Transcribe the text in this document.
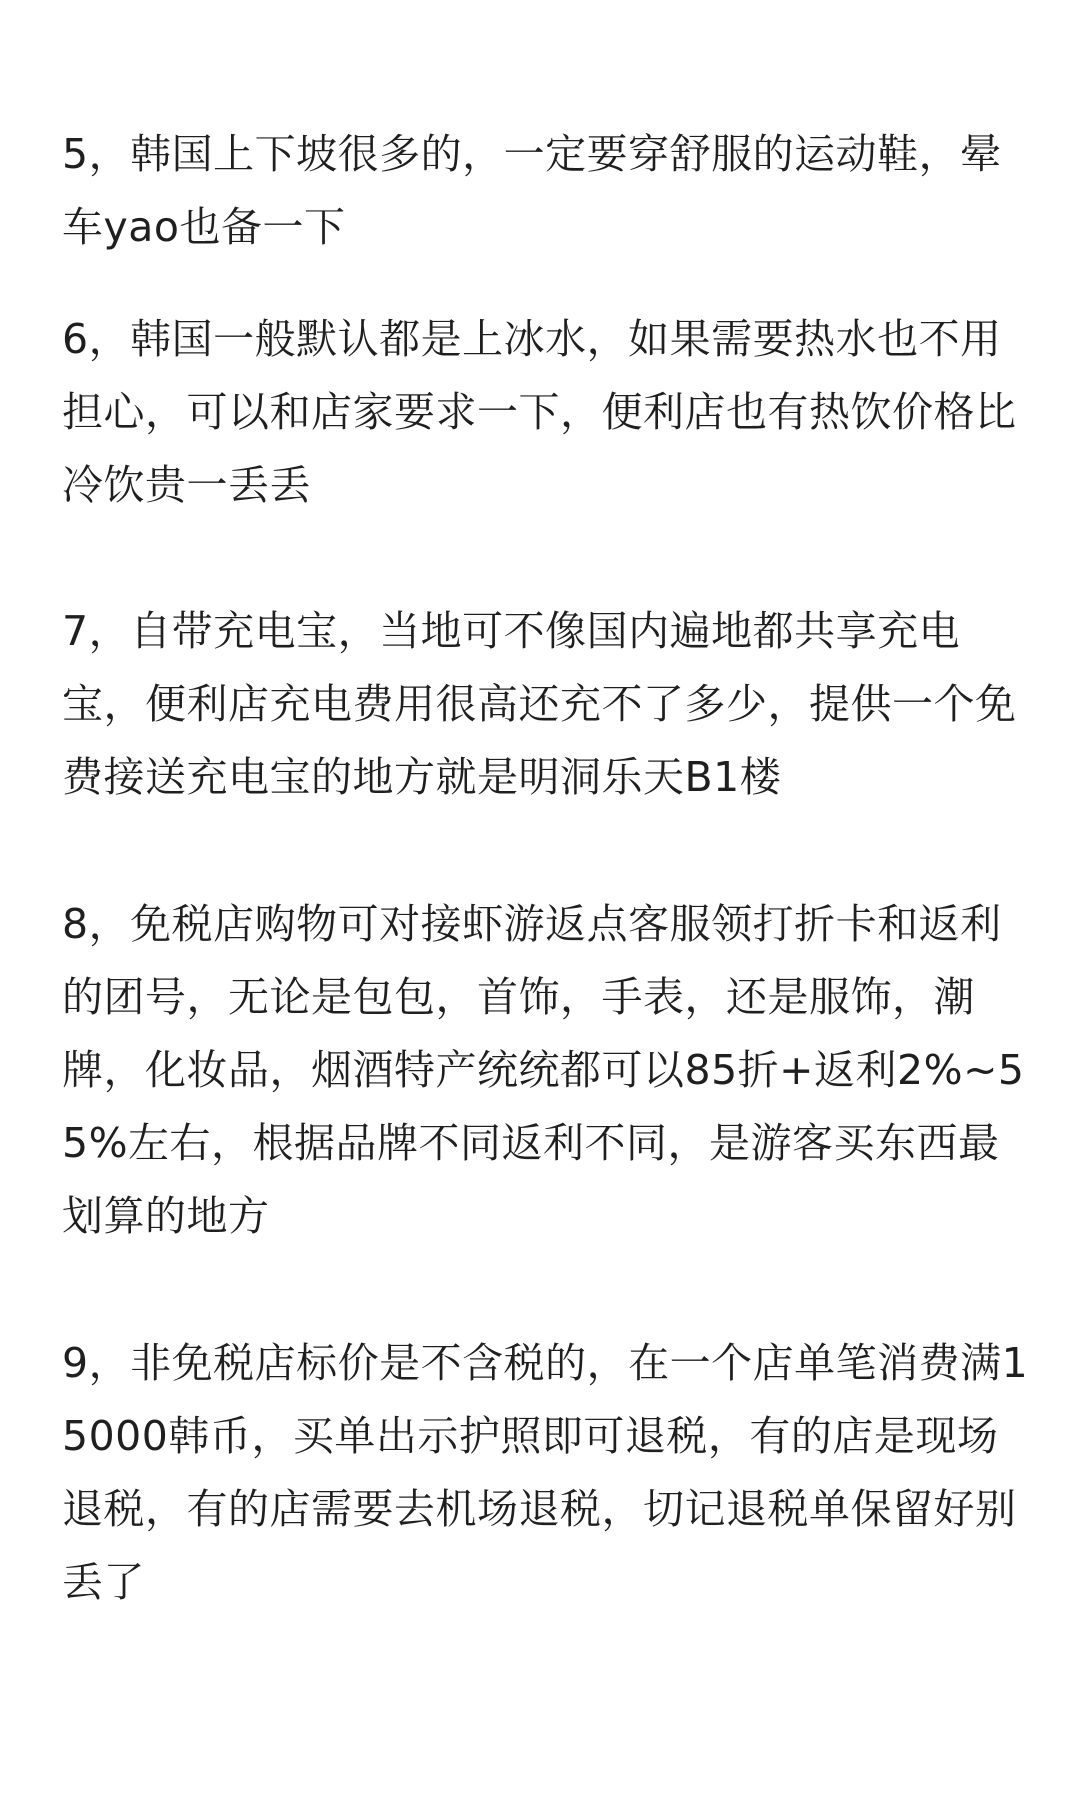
5，韩国上下坡很多的，一定要穿舒服的运动鞋，晕车yao也备一下

6，韩国一般默认都是上冰水，如果需要热水也不用担心，可以和店家要求一下，便利店也有热饮价格比冷饮贵一丢丢

7，自带充电宝，当地可不像国内遍地都共享充电宝，便利店充电费用很高还充不了多少，提供一个免费接送充电宝的地方就是明洞乐天B1楼

8，免税店购物可对接虾游返点客服领打折卡和返利的团号，无论是包包，首饰，手表，还是服饰，潮牌，化妆品，烟酒特产统统都可以85折+返利2%~55%左右，根据品牌不同返利不同，是游客买东西最划算的地方

9，非免税店标价是不含税的，在一个店单笔消费满15000韩币，买单出示护照即可退税，有的店是现场退税，有的店需要去机场退税，切记退税单保留好别丢了
